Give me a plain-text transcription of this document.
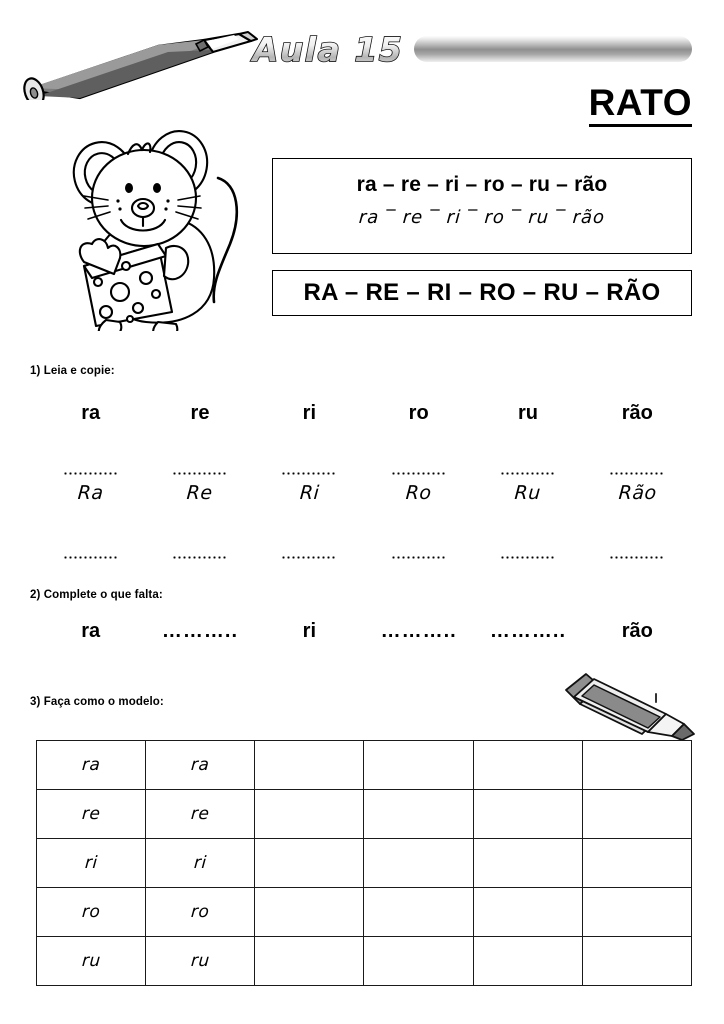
Aula 15
RATO
ra – re – ri – ro – ru – rão
ra ‾ re ‾ ri ‾ ro ‾ ru ‾ rão
RA – RE – RI – RO – RU – RÃO
1) Leia e copie:
ra	re	ri	ro	ru	rão
Ra	Re	Ri	Ro	Ru	Rão
2) Complete o que falta:
ra	………..	ri	………..	………..	rão
3) Faça como o modelo:
ra	ra				
re	re				
ri	ri				
ro	ro				
ru	ru				
